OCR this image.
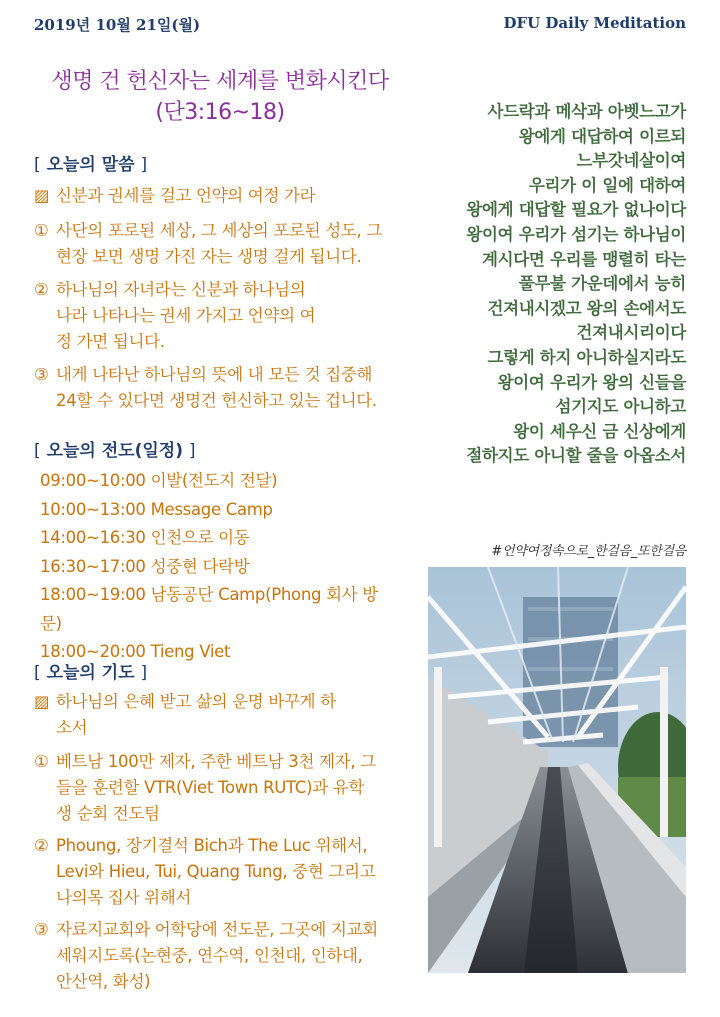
2019년 10월 21일(월)	DFU Daily Meditation
생명 건 헌신자는 세계를 변화시킨다
(단3:16~18)
[ 오늘의 말씀 ]
▨ 신분과 권세를 걸고 언약의 여정 가라
① 사단의 포로된 세상, 그 세상의 포로된 성도, 그 현장 보면 생명 가진 자는 생명 걸게 됩니다.
② 하나님의 자녀라는 신분과 하나님의 나라 나타나는 권세 가지고 언약의 여정 가면 됩니다.
③ 내게 나타난 하나님의 뜻에 내 모든 것 집중해 24할 수 있다면 생명건 헌신하고 있는 겁니다.
[ 오늘의 전도(일정) ]
09:00~10:00 이발(전도지 전달)
10:00~13:00 Message Camp
14:00~16:30 인천으로 이동
16:30~17:00 성중현 다락방
18:00~19:00 남동공단 Camp(Phong 회사 방문)
18:00~20:00 Tieng Viet
[ 오늘의 기도 ]
▨ 하나님의 은혜 받고 삶의 운명 바꾸게 하소서
① 베트남 100만 제자, 주한 베트남 3천 제자, 그들을 훈련할 VTR(Viet Town RUTC)과 유학생 순회 전도팀
② Phoung, 장기결석 Bich과 The Luc 위해서, Levi와 Hieu, Tui, Quang Tung, 중현 그리고 나의목 집사 위해서
③ 자료지교회와 어학당에 전도문, 그곳에 지교회 세워지도록(논현중, 연수역, 인천대, 인하대, 안산역, 화성)
사드락과 메삭과 아벳느고가
왕에게 대답하여 이르되
느부갓네살이여
우리가 이 일에 대하여
왕에게 대답할 필요가 없나이다
왕이여 우리가 섬기는 하나님이
계시다면 우리를 맹렬히 타는
풀무불 가운데에서 능히
건져내시겠고 왕의 손에서도
건져내시리이다
그렇게 하지 아니하실지라도
왕이여 우리가 왕의 신들을
섬기지도 아니하고
왕이 세우신 금 신상에게
절하지도 아니할 줄을 아옵소서
#언약여정속으로_한걸음_또한걸음
